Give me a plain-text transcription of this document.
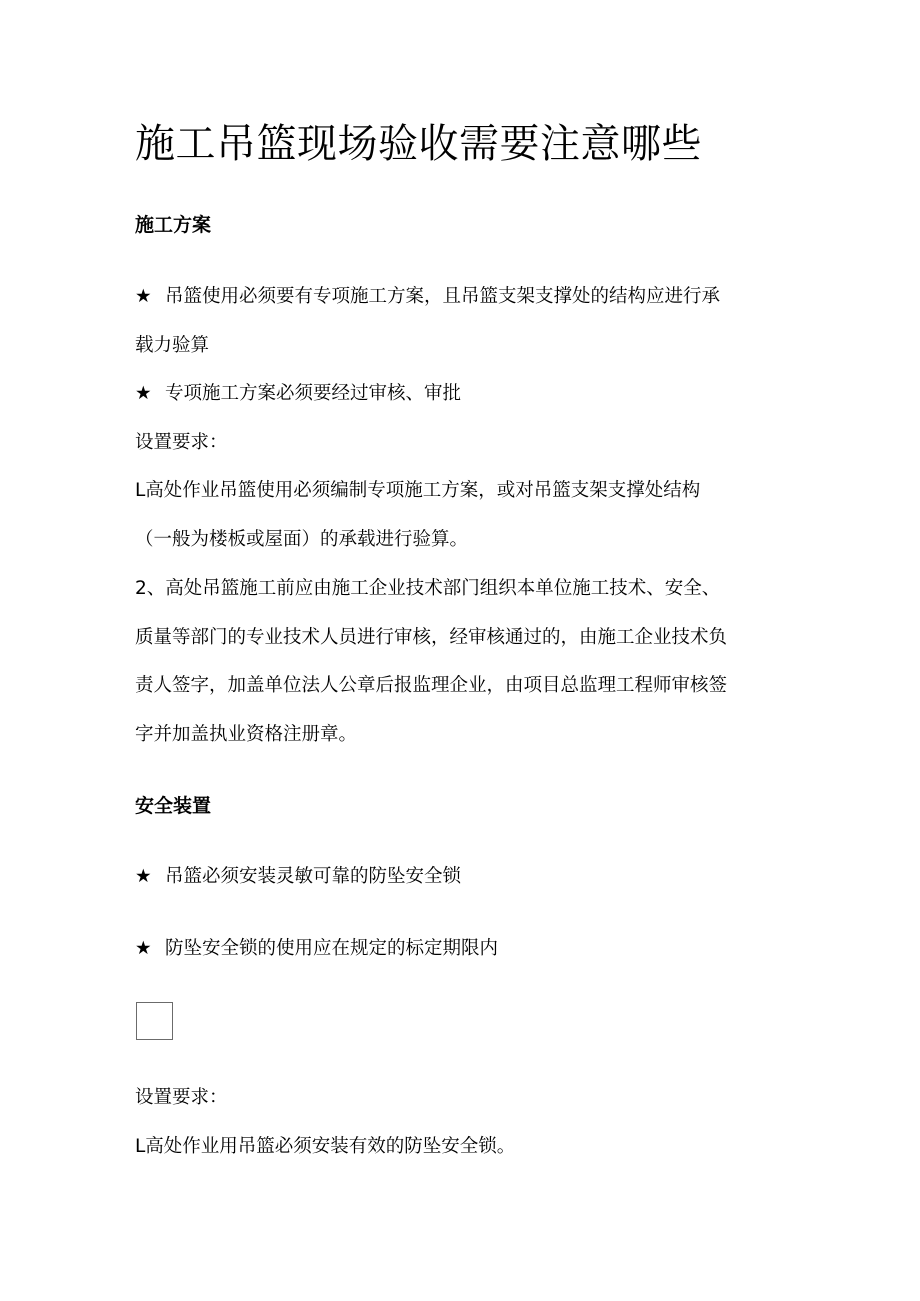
施工吊篮现场验收需要注意哪些
施工方案

★ 吊篮使用必须要有专项施工方案，且吊篮支架支撑处的结构应进行承

载力验算

★ 专项施工方案必须要经过审核、审批

设置要求：

L高处作业吊篮使用必须编制专项施工方案，或对吊篮支架支撑处结构

（一般为楼板或屋面）的承载进行验算。

2、高处吊篮施工前应由施工企业技术部门组织本单位施工技术、安全、

质量等部门的专业技术人员进行审核，经审核通过的，由施工企业技术负

责人签字，加盖单位法人公章后报监理企业，由项目总监理工程师审核签

字并加盖执业资格注册章。

安全装置

★ 吊篮必须安装灵敏可靠的防坠安全锁

★ 防坠安全锁的使用应在规定的标定期限内

设置要求：

L高处作业用吊篮必须安装有效的防坠安全锁。
